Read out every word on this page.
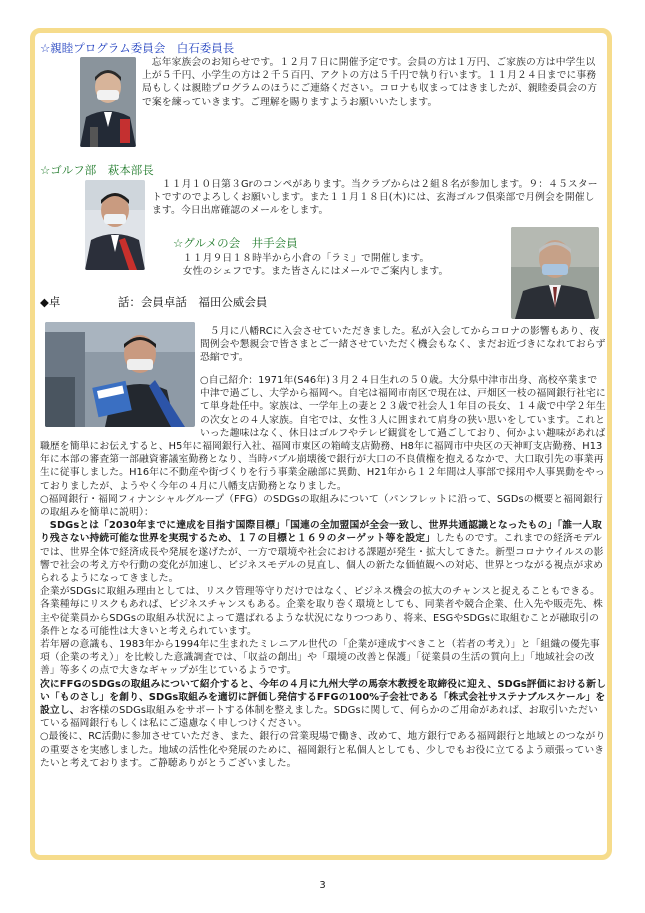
☆親睦プログラム委員会　白石委員長

忘年家族会のお知らせです。１２月７日に開催予定です。会員の方は１万円、ご家族の方は中学生以上が５千円、小学生の方は２千５百円、アクトの方は５千円で執り行います。１１月２４日までに事務局もしくは親睦プログラムのほうにご連絡ください。コロナも収まってはきましたが、親睦委員会の方で案を練っていきます。ご理解を賜りますようお願いいたします。

☆ゴルフ部　萩本部長

１１月１０日第３Grのコンペがあります。当クラブからは２組８名が参加します。９：４５スタートですのでよろしくお願いします。また１１月１８日(木)には、玄海ゴルフ倶楽部で月例会を開催します。今日出席確認のメールをします。

☆グルメの会　井手会員

１１月９日１８時半から小倉の「ラミ」で開催します。

女性のシェフです。また皆さんにはメールでご案内します。

◆卓　　　　　話：会員卓話　福田公威会員

５月に八幡RCに入会させていただきました。私が入会してからコロナの影響もあり、夜間例会や懇親会で皆さまとご一緒させていただく機会もなく、まだお近づきになれておらず恐縮です。

○自己紹介：1971年(S46年)３月２４日生れの５０歳。大分県中津市出身、高校卒業まで中津で過ごし、大学から福岡へ。自宅は福岡市南区で現在は、戸畑区一枝の福岡銀行社宅にて単身赴任中。家族は、一学年上の妻と２３歳で社会人１年目の長女、１４歳で中学２年生の次女との４人家族。自宅では、女性３人に囲まれて肩身の狭い思いをしています。これといった趣味はなく、休日はゴルフやテレビ観賞をして過ごしており、何かよい趣味があれば

職歴を簡単にお伝えすると、H5年に福岡銀行入社、福岡市東区の箱崎支店勤務、H8年に福岡市中央区の天神町支店勤務、H13年に本部の審査第一部融資審議室勤務となり、当時バブル崩壊後で銀行が大口の不良債権を抱えるなかで、大口取引先の事業再生に従事しました。H16年に不動産や街づくりを行う事業金融部に異動、H21年から１２年間は人事部で採用や人事異動をやっておりましたが、ようやく今年の４月に八幡支店勤務となりました。

○福岡銀行・福岡フィナンシャルグループ（FFG）のSDGsの取組みについて（パンフレットに沿って、SGDsの概要と福岡銀行の取組みを簡単に説明）：

SDGsとは「2030年までに達成を目指す国際目標」「国連の全加盟国が全会一致し、世界共通認識となったもの」「誰一人取り残さない持続可能な世界を実現するため、１７の目標と１６９のターゲット等を設定」したものです。これまでの経済モデルでは、世界全体で経済成長や発展を遂げたが、一方で環境や社会における課題が発生・拡大してきた。新型コロナウイルスの影響で社会の考え方や行動の変化が加速し、ビジネスモデルの見直し、個人の新たな価値観への対応、世界とつながる視点が求められるようになってきました。

企業がSDGsに取組み理由としては、リスク管理等守りだけではなく、ビジネス機会の拡大のチャンスと捉えることもできる。各業種毎にリスクもあれば、ビジネスチャンスもある。企業を取り巻く環境としても、同業者や競合企業、仕入先や販売先、株主や従業員からSDGsの取組み状況によって選ばれるような状況になりつつあり、将来、ESGやSDGsに取組むことが融取引の条件となる可能性は大きいと考えられています。

若年層の意識も、1983年から1994年に生まれたミレニアル世代の「企業が達成すべきこと（若者の考え）」と「組織の優先事項（企業の考え）」を比較した意識調査では、「収益の創出」や「環境の改善と保護」「従業員の生活の質向上」「地域社会の改善」等多くの点で大きなギャップが生じているようです。

次にFFGのSDGsの取組みについて紹介すると、今年の４月に九州大学の馬奈木教授を取締役に迎え、SDGs評価における新しい「ものさし」を創り、SDGs取組みを適切に評価し発信するFFGの100%子会社である「株式会社サステナブルスケール」を設立し、お客様のSDGs取組みをサポートする体制を整えました。SDGsに関して、何らかのご用命があれば、お取引いただいている福岡銀行もしくは私にご遠慮なく申しつけください。

○最後に、RC活動に参加させていただき、また、銀行の営業現場で働き、改めて、地方銀行である福岡銀行と地域とのつながりの重要さを実感しました。地域の活性化や発展のために、福岡銀行と私個人としても、少しでもお役に立てるよう頑張っていきたいと考えております。ご静聴ありがとうございました。

3
